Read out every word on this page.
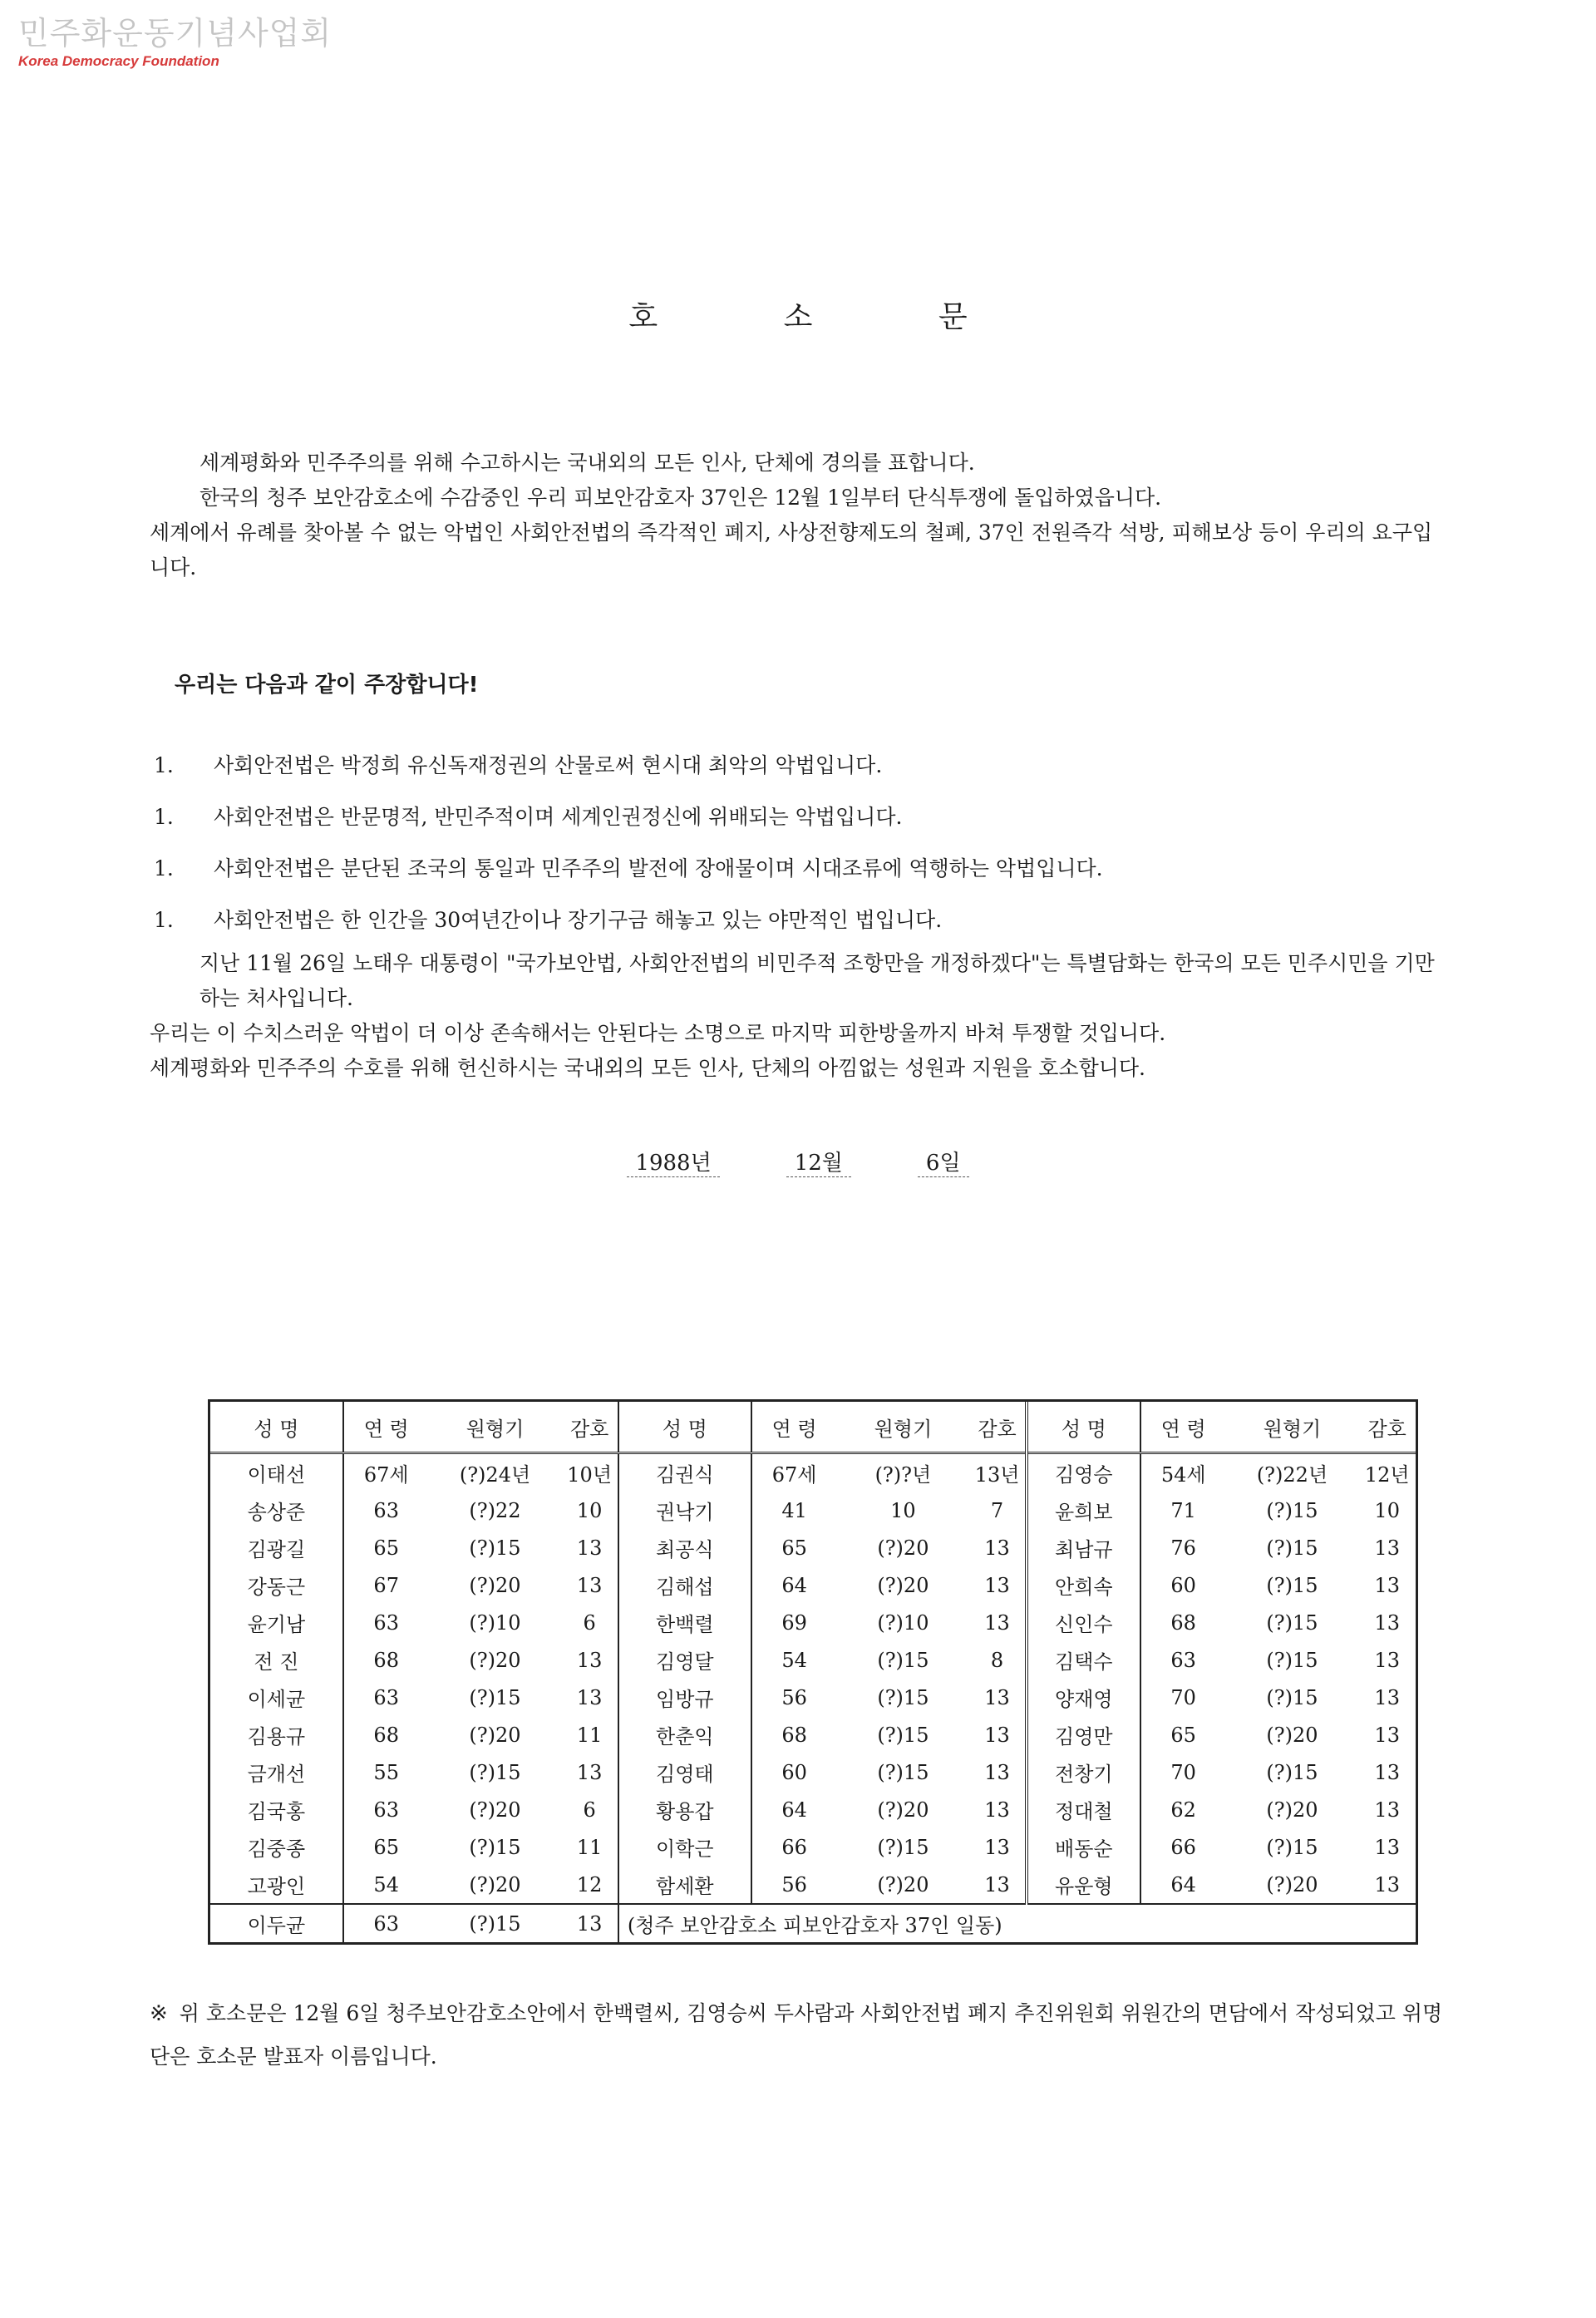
민주화운동기념사업회
Korea Democracy Foundation
호 소 문

세계평화와 민주주의를 위해 수고하시는 국내외의 모든 인사, 단체에 경의를 표합니다.

한국의 청주 보안감호소에 수감중인 우리 피보안감호자 37인은 12월 1일부터 단식투쟁에 돌입하였읍니다.

세계에서 유례를 찾아볼 수 없는 악법인 사회안전법의 즉각적인 폐지, 사상전향제도의 철폐, 37인 전원즉각 석방, 피해보상 등이 우리의 요구입니다.

우리는 다음과 같이 주장합니다!
1. 사회안전법은 박정희 유신독재정권의 산물로써 현시대 최악의 악법입니다.
1. 사회안전법은 반문명적, 반민주적이며 세계인권정신에 위배되는 악법입니다.
1. 사회안전법은 분단된 조국의 통일과 민주주의 발전에 장애물이며 시대조류에 역행하는 악법입니다.
1. 사회안전법은 한 인간을 30여년간이나 장기구금 해놓고 있는 야만적인 법입니다.

지난 11월 26일 노태우 대통령이 "국가보안법, 사회안전법의 비민주적 조항만을 개정하겠다"는 특별담화는 한국의 모든 민주시민을 기만하는 처사입니다.

우리는 이 수치스러운 악법이 더 이상 존속해서는 안된다는 소명으로 마지막 피한방울까지 바쳐 투쟁할 것입니다.

세계평화와 민주주의 수호를 위해 헌신하시는 국내외의 모든 인사, 단체의 아낌없는 성원과 지원을 호소합니다.

1988년	12월	6일
성 명	연 령	원형기	감호	성 명	연 령	원형기	감호	성 명	연 령	원형기	감호
이태선	67세	(?)24년	10년	김권식	67세	(?)?년	13년	김영승	54세	(?)22년	12년
송상준	63	(?)22	10	권낙기	41	10	7	윤희보	71	(?)15	10
김광길	65	(?)15	13	최공식	65	(?)20	13	최남규	76	(?)15	13
강동근	67	(?)20	13	김해섭	64	(?)20	13	안희속	60	(?)15	13
윤기남	63	(?)10	6	한백렬	69	(?)10	13	신인수	68	(?)15	13
전 진	68	(?)20	13	김영달	54	(?)15	8	김택수	63	(?)15	13
이세균	63	(?)15	13	임방규	56	(?)15	13	양재영	70	(?)15	13
김용규	68	(?)20	11	한춘익	68	(?)15	13	김영만	65	(?)20	13
금개선	55	(?)15	13	김영태	60	(?)15	13	전창기	70	(?)15	13
김국홍	63	(?)20	6	황용갑	64	(?)20	13	정대철	62	(?)20	13
김중종	65	(?)15	11	이학근	66	(?)15	13	배동순	66	(?)15	13
고광인	54	(?)20	12	함세환	56	(?)20	13	유운형	64	(?)20	13
이두균	63	(?)15	13	(청주 보안감호소 피보안감호자 37인 일동)							

※ 위 호소문은 12월 6일 청주보안감호소안에서 한백렬씨, 김영승씨 두사람과 사회안전법 폐지 추진위원회 위원간의 면담에서 작성되었고 위명단은 호소문 발표자 이름입니다.
